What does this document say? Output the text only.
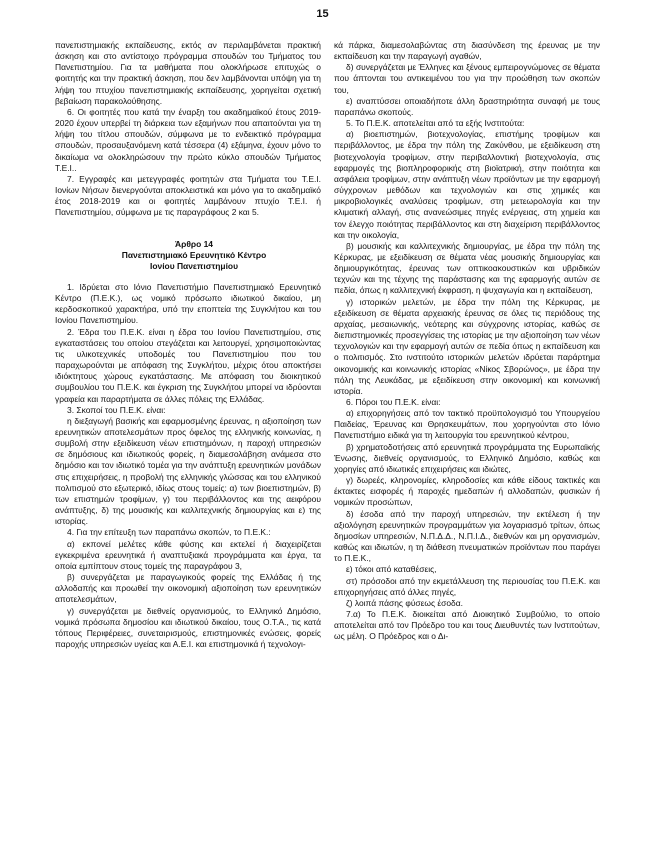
15

πανεπιστημιακής εκπαίδευσης, εκτός αν περιλαμβάνεται πρακτική άσκηση και στο αντίστοιχο πρόγραμμα σπουδών του Τμήματος του Πανεπιστημίου. Για τα μαθήματα που ολοκλήρωσε επιτυχώς ο φοιτητής και την πρακτική άσκηση, που δεν λαμβάνονται υπόψη για τη λήψη του πτυχίου πανεπιστημιακής εκπαίδευσης, χορηγείται σχετική βεβαίωση παρακολούθησης.

6. Οι φοιτητές που κατά την έναρξη του ακαδημαϊκού έτους 2019-2020 έχουν υπερβεί τη διάρκεια των εξαμήνων που απαιτούνται για τη λήψη του τίτλου σπουδών, σύμφωνα με το ενδεικτικό πρόγραμμα σπουδών, προσαυξανόμενη κατά τέσσερα (4) εξάμηνα, έχουν μόνο το δικαίωμα να ολοκληρώσουν την πρώτο κύκλο σπουδών Τμήματος Τ.Ε.Ι..

7. Εγγραφές και μετεγγραφές φοιτητών στα Τμήματα του Τ.Ε.Ι. Ιονίων Νήσων διενεργούνται αποκλειστικά και μόνο για το ακαδημαϊκό έτος 2018-2019 και οι φοιτητές λαμβάνουν πτυχίο Τ.Ε.Ι. ή Πανεπιστημίου, σύμφωνα με τις παραγράφους 2 και 5.

Άρθρο 14

Πανεπιστημιακό Ερευνητικό Κέντρο

Ιονίου Πανεπιστημίου

1. Ιδρύεται στο Ιόνιο Πανεπιστήμιο Πανεπιστημιακό Ερευνητικό Κέντρο (Π.Ε.Κ.), ως νομικό πρόσωπο ιδιωτικού δικαίου, μη κερδοσκοπικού χαρακτήρα, υπό την εποπτεία της Συγκλήτου και του Ιονίου Πανεπιστημίου.

2. Έδρα του Π.Ε.Κ. είναι η έδρα του Ιονίου Πανεπιστημίου, στις εγκαταστάσεις του οποίου στεγάζεται και λειτουργεί, χρησιμοποιώντας τις υλικοτεχνικές υποδομές του Πανεπιστημίου που του παραχωρούνται με απόφαση της Συγκλήτου, μέχρις ότου αποκτήσει ιδιόκτητους χώρους εγκατάστασης. Με απόφαση του διοικητικού συμβουλίου του Π.Ε.Κ. και έγκριση της Συγκλήτου μπορεί να ιδρύονται γραφεία και παραρτήματα σε άλλες πόλεις της Ελλάδας.

3. Σκοποί του Π.Ε.Κ. είναι:

η διεξαγωγή βασικής και εφαρμοσμένης έρευνας, η αξιοποίηση των ερευνητικών αποτελεσμάτων προς όφελος της ελληνικής κοινωνίας, η συμβολή στην εξειδίκευση νέων επιστημόνων, η παροχή υπηρεσιών σε δημόσιους και ιδιωτικούς φορείς, η διαμεσολάβηση ανάμεσα στο δημόσιο και τον ιδιωτικό τομέα για την ανάπτυξη ερευνητικών μονάδων στις επιχειρήσεις, η προβολή της ελληνικής γλώσσας και του ελληνικού πολιτισμού στο εξωτερικό, ιδίως στους τομείς: α) των βιοεπιστημών, β) των επιστημών τροφίμων, γ) του περιβάλλοντος και της αειφόρου ανάπτυξης, δ) της μουσικής και καλλιτεχνικής δημιουργίας και ε) της ιστορίας.

4. Για την επίτευξη των παραπάνω σκοπών, το Π.Ε.Κ.:

α) εκπονεί μελέτες κάθε φύσης και εκτελεί ή διαχειρίζεται εγκεκριμένα ερευνητικά ή αναπτυξιακά προγράμματα και έργα, τα οποία εμπίπτουν στους τομείς της παραγράφου 3,

β) συνεργάζεται με παραγωγικούς φορείς της Ελλάδας ή της αλλοδαπής και προωθεί την οικονομική αξιοποίηση των ερευνητικών αποτελεσμάτων,

γ) συνεργάζεται με διεθνείς οργανισμούς, το Ελληνικό Δημόσιο, νομικά πρόσωπα δημοσίου και ιδιωτικού δικαίου, τους Ο.Τ.Α., τις κατά τόπους Περιφέρειες, συνεταιρισμούς, επιστημονικές ενώσεις, φορείς παροχής υπηρεσιών υγείας και Α.Ε.Ι. και επιστημονικά ή τεχνολογι-

κά πάρκα, διαμεσολαβώντας στη διασύνδεση της έρευνας με την εκπαίδευση και την παραγωγή αγαθών,

δ) συνεργάζεται με Έλληνες και ξένους εμπειρογνώμονες σε θέματα που άπτονται του αντικειμένου του για την προώθηση των σκοπών του,

ε) αναπτύσσει οποιαδήποτε άλλη δραστηριότητα συναφή με τους παραπάνω σκοπούς.

5. Το Π.Ε.Κ. αποτελείται από τα εξής Ινστιτούτα:

α) βιοεπιστημών, βιοτεχνολογίας, επιστήμης τροφίμων και περιβάλλοντος, με έδρα την πόλη της Ζακύνθου, με εξειδίκευση στη βιοτεχνολογία τροφίμων, στην περιβαλλοντική βιοτεχνολογία, στις εφαρμογές της βιοπληροφορικής στη βιοϊατρική, στην ποιότητα και ασφάλεια τροφίμων, στην ανάπτυξη νέων προϊόντων με την εφαρμογή σύγχρονων μεθόδων και τεχνολογιών και στις χημικές και μικροβιολογικές αναλύσεις τροφίμων, στη μετεωρολογία και την κλιματική αλλαγή, στις ανανεώσιμες πηγές ενέργειας, στη χημεία και τον έλεγχο ποιότητας περιβάλλοντος και στη διαχείριση περιβάλλοντος και την οικολογία,

β) μουσικής και καλλιτεχνικής δημιουργίας, με έδρα την πόλη της Κέρκυρας, με εξειδίκευση σε θέματα νέας μουσικής δημιουργίας και δημιουργικότητας, έρευνας των οπτικοακουστικών και υβριδικών τεχνών και της τέχνης της παράστασης και της εφαρμογής αυτών σε πεδία, όπως η καλλιτεχνική έκφραση, η ψυχαγωγία και η εκπαίδευση,

γ) ιστορικών μελετών, με έδρα την πόλη της Κέρκυρας, με εξειδίκευση σε θέματα αρχειακής έρευνας σε όλες τις περιόδους της αρχαίας, μεσαιωνικής, νεότερης και σύγχρονης ιστορίας, καθώς σε διεπιστημονικές προσεγγίσεις της ιστορίας με την αξιοποίηση των νέων τεχνολογιών και την εφαρμογή αυτών σε πεδία όπως η εκπαίδευση και ο πολιτισμός. Στο ινστιτούτο ιστορικών μελετών ιδρύεται παράρτημα οικονομικής και κοινωνικής ιστορίας «Νίκος Σβορώνος», με έδρα την πόλη της Λευκάδας, με εξειδίκευση στην οικονομική και κοινωνική ιστορία.

6. Πόροι του Π.Ε.Κ. είναι:

α) επιχορηγήσεις από τον τακτικό προϋπολογισμό του Υπουργείου Παιδείας, Έρευνας και Θρησκευμάτων, που χορηγούνται στο Ιόνιο Πανεπιστήμιο ειδικά για τη λειτουργία του ερευνητικού κέντρου,

β) χρηματοδοτήσεις από ερευνητικά προγράμματα της Ευρωπαϊκής Ένωσης, διεθνείς οργανισμούς, το Ελληνικό Δημόσιο, καθώς και χορηγίες από ιδιωτικές επιχειρήσεις και ιδιώτες,

γ) δωρεές, κληρονομίες, κληροδοσίες και κάθε είδους τακτικές και έκτακτες εισφορές ή παροχές ημεδαπών ή αλλοδαπών, φυσικών ή νομικών προσώπων,

δ) έσοδα από την παροχή υπηρεσιών, την εκτέλεση ή την αξιολόγηση ερευνητικών προγραμμάτων για λογαριασμό τρίτων, όπως δημοσίων υπηρεσιών, Ν.Π.Δ.Δ., Ν.Π.Ι.Δ., διεθνών και μη οργανισμών, καθώς και ιδιωτών, η τη διάθεση πνευματικών προϊόντων που παράγει το Π.Ε.Κ.,

ε) τόκοι από καταθέσεις,

στ) πρόσοδοι από την εκμετάλλευση της περιουσίας του Π.Ε.Κ. και επιχορηγήσεις από άλλες πηγές,

ζ) λοιπά πάσης φύσεως έσοδα.

7.α) Το Π.Ε.Κ. διοικείται από Διοικητικό Συμβούλιο, το οποίο αποτελείται από τον Πρόεδρο του και τους Διευθυντές των Ινστιτούτων, ως μέλη. Ο Πρόεδρος και ο Δι-
